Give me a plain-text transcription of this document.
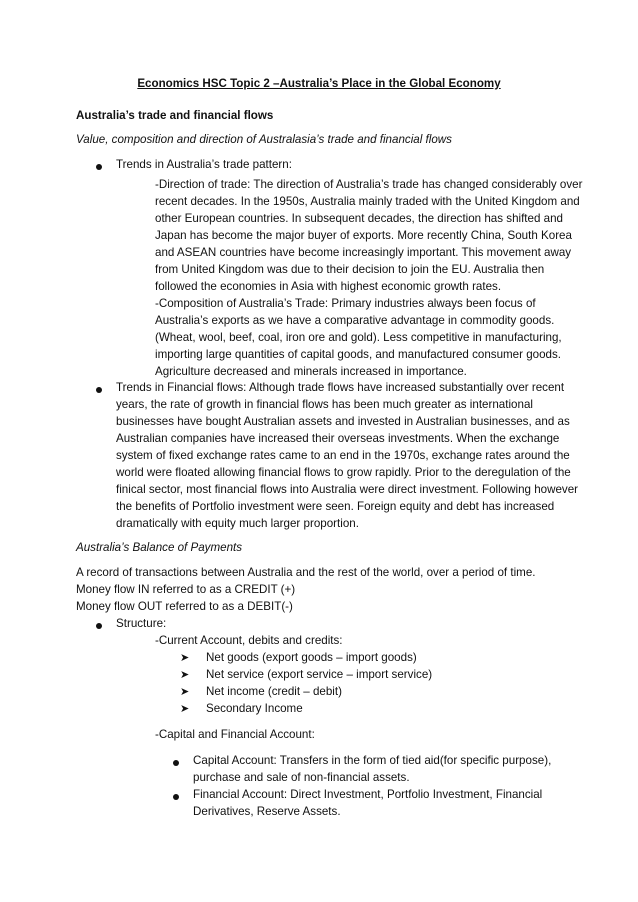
Economics HSC Topic 2 –Australia’s Place in the Global Economy
Australia’s trade and financial flows
Value, composition and direction of Australasia’s trade and financial flows
Trends in Australia’s trade pattern:
-Direction of trade: The direction of Australia’s trade has changed considerably over
recent decades. In the 1950s, Australia mainly traded with the United Kingdom and
other European countries. In subsequent decades, the direction has shifted and
Japan has become the major buyer of exports. More recently China, South Korea
and ASEAN countries have become increasingly important. This movement away
from United Kingdom was due to their decision to join the EU. Australia then
followed the economies in Asia with highest economic growth rates.
-Composition of Australia’s Trade: Primary industries always been focus of
Australia’s exports as we have a comparative advantage in commodity goods.
(Wheat, wool, beef, coal, iron ore and gold). Less competitive in manufacturing,
importing large quantities of capital goods, and manufactured consumer goods.
Agriculture decreased and minerals increased in importance.
Trends in Financial flows: Although trade flows have increased substantially over recent
years, the rate of growth in financial flows has been much greater as international
businesses have bought Australian assets and invested in Australian businesses, and as
Australian companies have increased their overseas investments. When the exchange
system of fixed exchange rates came to an end in the 1970s, exchange rates around the
world were floated allowing financial flows to grow rapidly. Prior to the deregulation of the
finical sector, most financial flows into Australia were direct investment. Following however
the benefits of Portfolio investment were seen. Foreign equity and debt has increased
dramatically with equity much larger proportion.
Australia’s Balance of Payments
A record of transactions between Australia and the rest of the world, over a period of time.
Money flow IN referred to as a CREDIT (+)
Money flow OUT referred to as a DEBIT(-)
Structure:
-Current Account, debits and credits:
➤ Net goods (export goods – import goods)
➤ Net service (export service – import service)
➤ Net income (credit – debit)
➤ Secondary Income
-Capital and Financial Account:
Capital Account: Transfers in the form of tied aid(for specific purpose),
purchase and sale of non-financial assets.
Financial Account: Direct Investment, Portfolio Investment, Financial
Derivatives, Reserve Assets.
